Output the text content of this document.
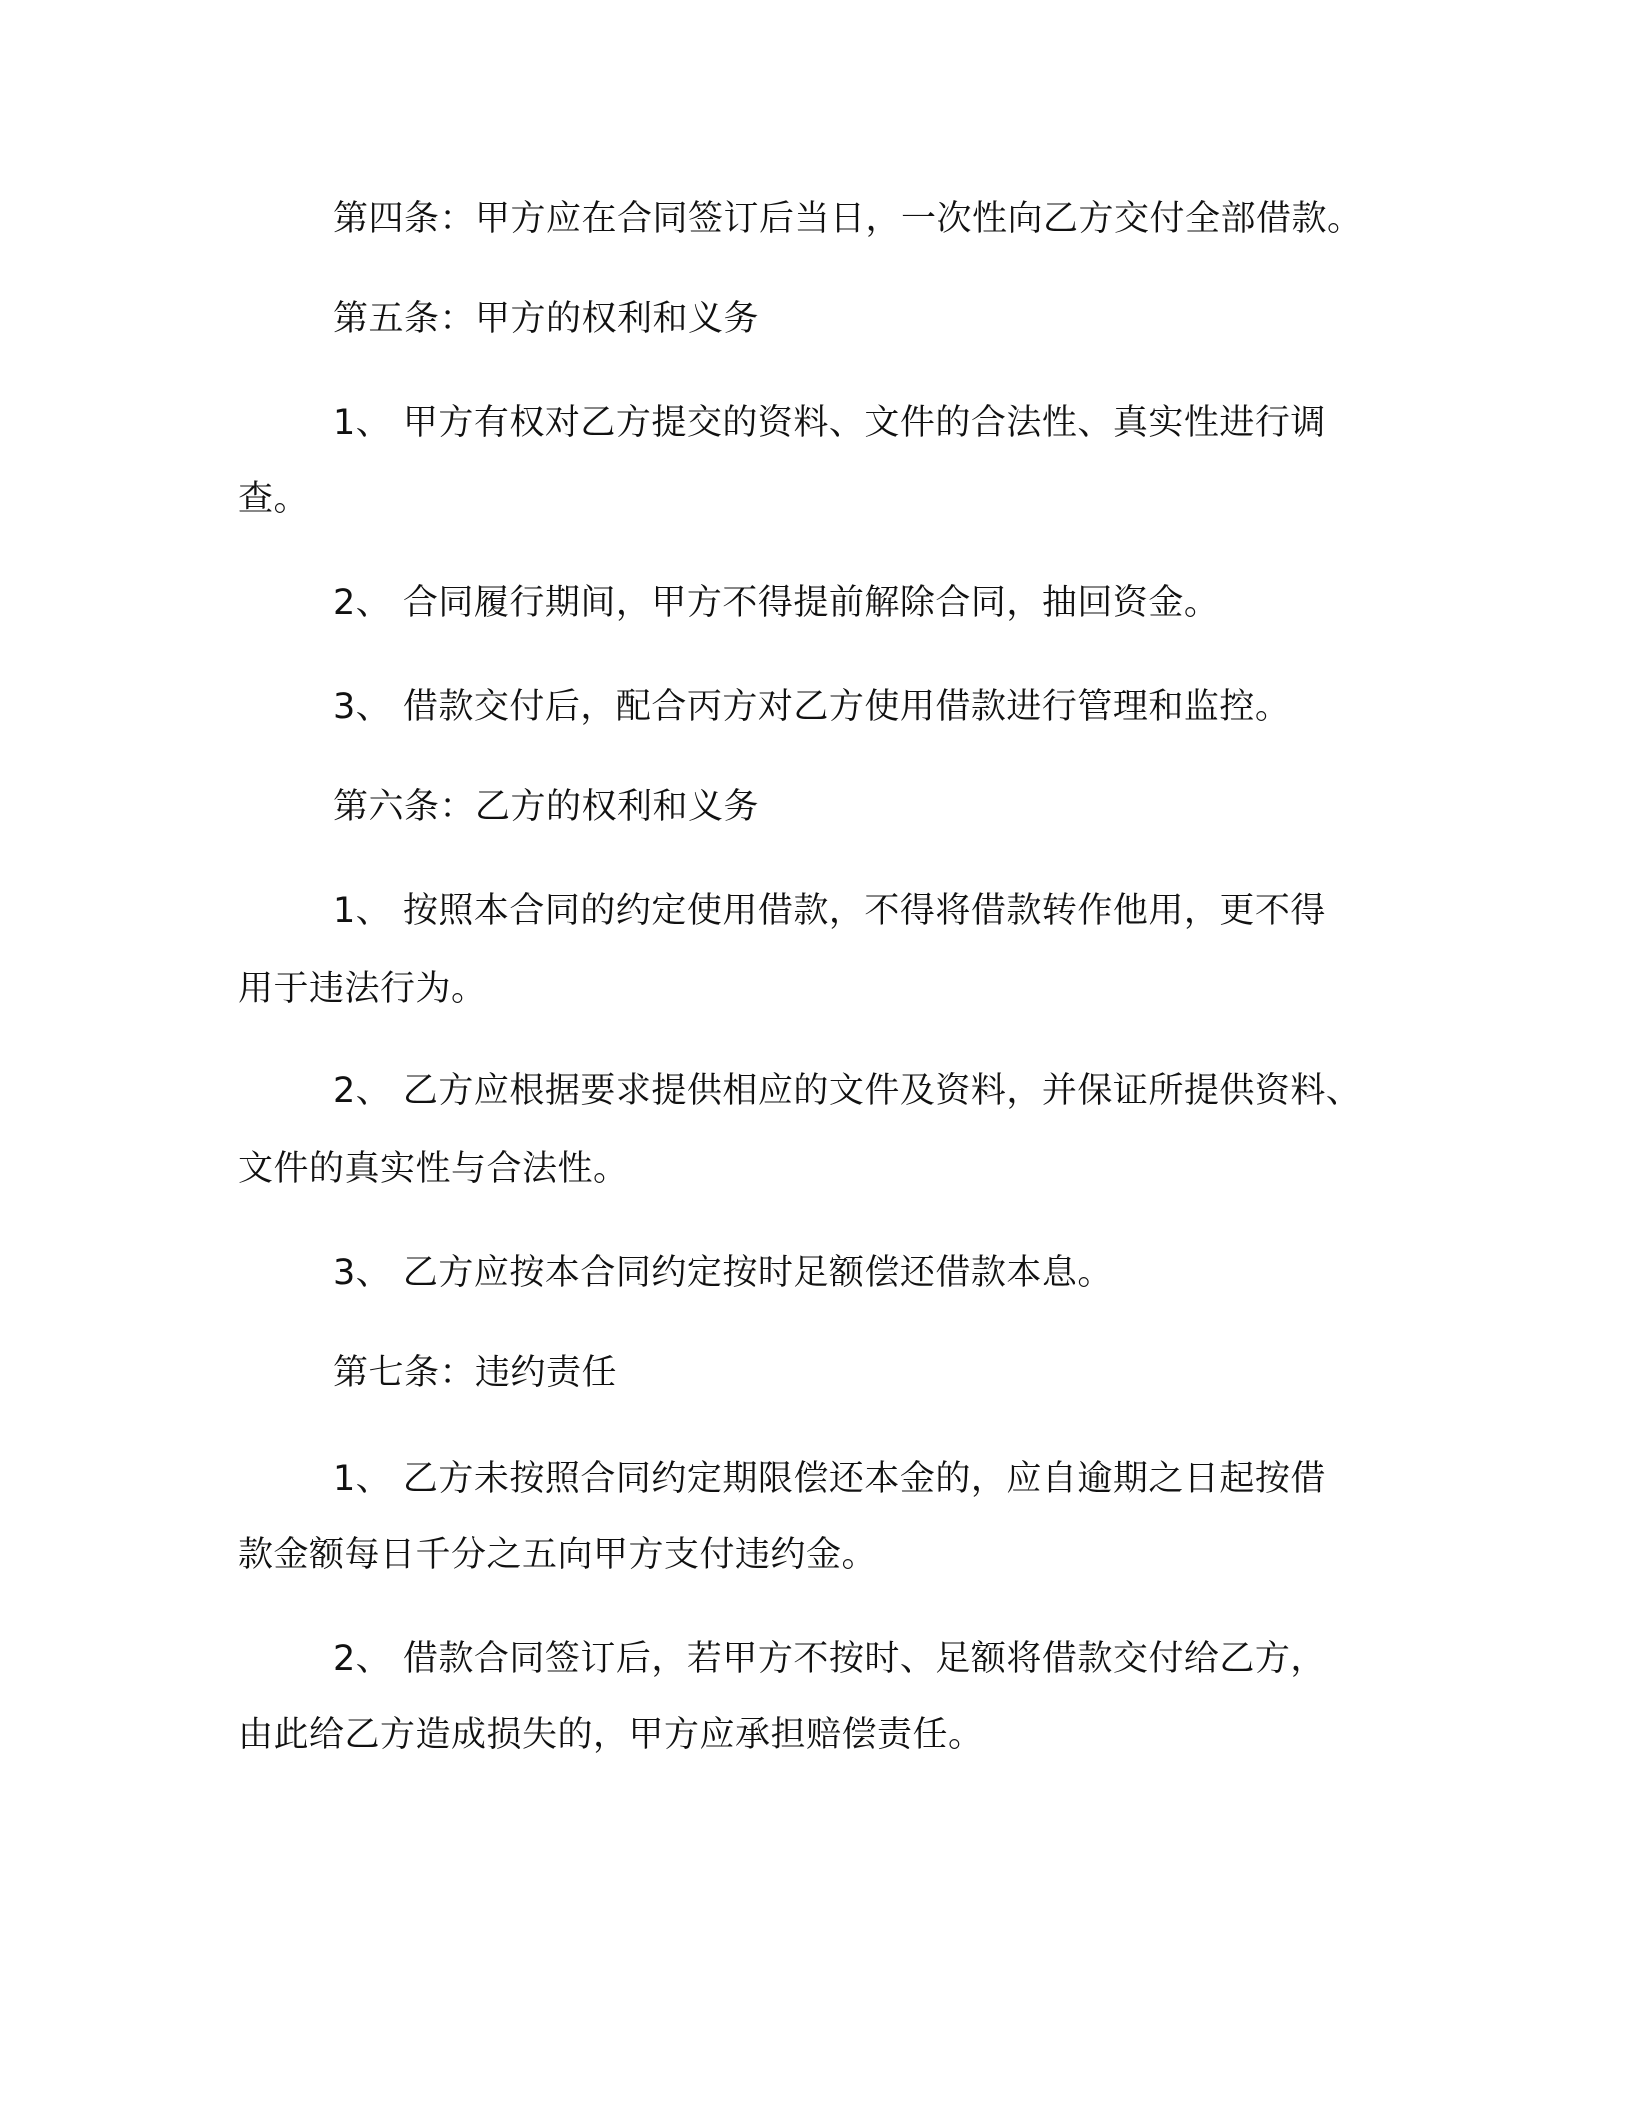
第四条：甲方应在合同签订后当日，一次性向乙方交付全部借款。
第五条：甲方的权利和义务
1、 甲方有权对乙方提交的资料、文件的合法性、真实性进行调
查。
2、 合同履行期间，甲方不得提前解除合同，抽回资金。
3、 借款交付后，配合丙方对乙方使用借款进行管理和监控。
第六条：乙方的权利和义务
1、 按照本合同的约定使用借款，不得将借款转作他用，更不得
用于违法行为。
2、 乙方应根据要求提供相应的文件及资料，并保证所提供资料、
文件的真实性与合法性。
3、 乙方应按本合同约定按时足额偿还借款本息。
第七条：违约责任
1、 乙方未按照合同约定期限偿还本金的，应自逾期之日起按借
款金额每日千分之五向甲方支付违约金。
2、 借款合同签订后，若甲方不按时、足额将借款交付给乙方，
由此给乙方造成损失的，甲方应承担赔偿责任。
